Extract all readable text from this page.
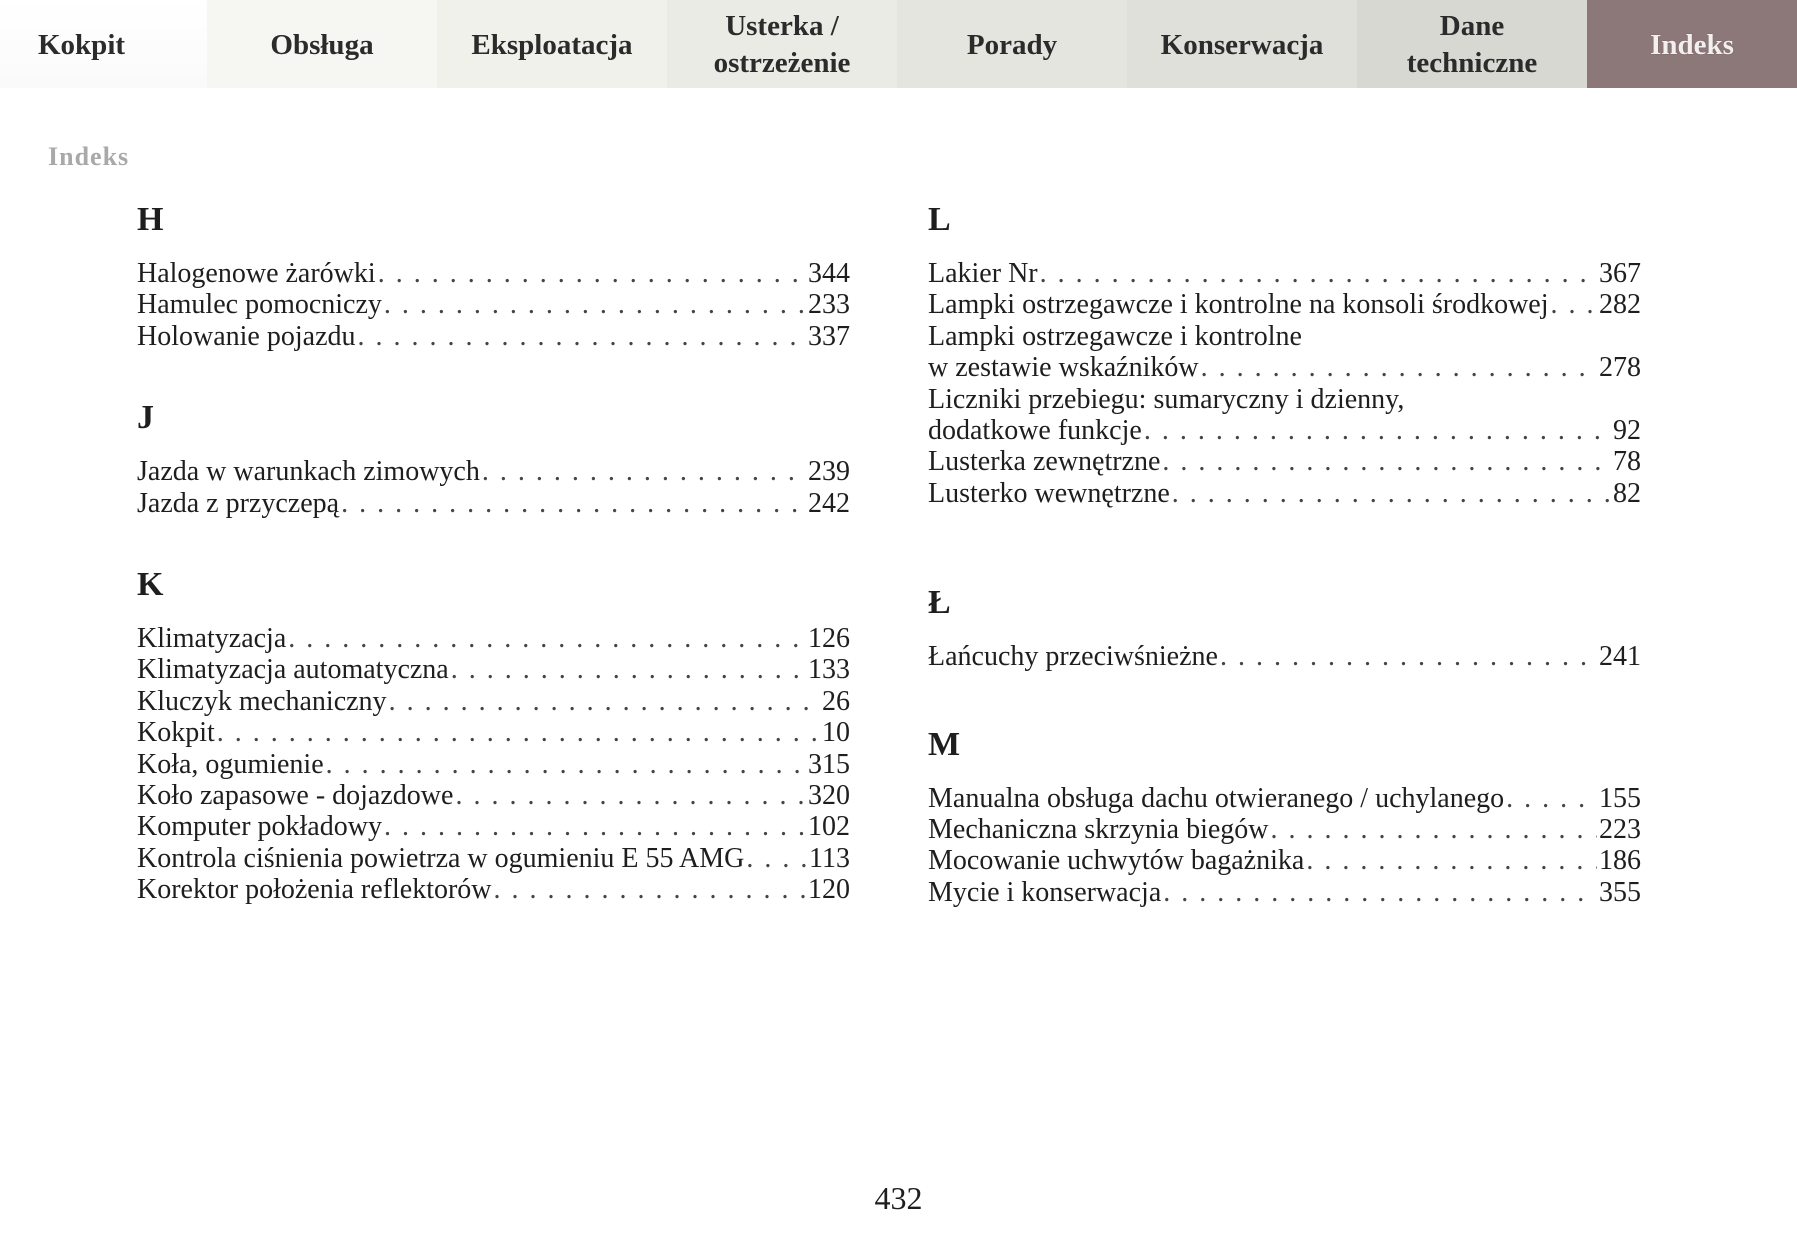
Kokpit	Obsługa	Eksploatacja
Usterka /
ostrzeżenie
Porady	Konserwacja
Dane
techniczne
Indeks
Indeks
H
Halogenowe żarówki . . .	344
Hamulec pomocniczy . . .	233
Holowanie pojazdu . . .	337
J
Jazda w warunkach zimowych . . .	239
Jazda z przyczepą . . .	242
K
Klimatyzacja . . .	126
Klimatyzacja automatyczna . . .	133
Kluczyk mechaniczny . . .	26
Kokpit . . .	10
Koła, ogumienie . . .	315
Koło zapasowe - dojazdowe . . .	320
Komputer pokładowy . . .	102
Kontrola ciśnienia powietrza w ogumieniu E 55 AMG . . . 113
Korektor położenia reflektorów . . .	120
L
Lakier Nr . . .	367
Lampki ostrzegawcze i kontrolne na konsoli środkowej . . . 282
Lampki ostrzegawcze i kontrolne
w zestawie wskaźników . . .	278
Liczniki przebiegu: sumaryczny i dzienny,
dodatkowe funkcje . . .	92
Lusterka zewnętrzne . . .	78
Lusterko wewnętrzne . . .	82
Ł
Łańcuchy przeciwśnieżne . . .	241
M
Manualna obsługa dachu otwieranego / uchylanego . . .	155
Mechaniczna skrzynia biegów . . .	223
Mocowanie uchwytów bagażnika . . .	186
Mycie i konserwacja . . .	355
432
